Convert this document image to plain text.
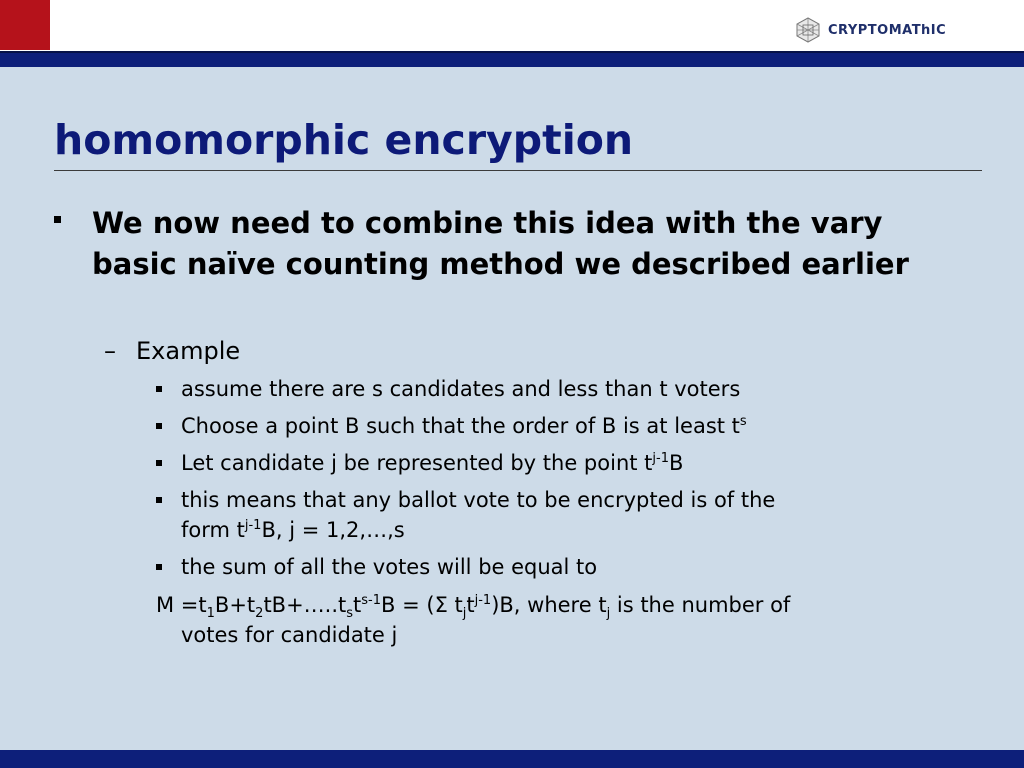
CRYPTOMAThIC
homomorphic encryption
We now need to combine this idea with the vary basic naïve counting method we described earlier
– Example
assume there are s candidates and less than t voters
Choose a point B such that the order of B is at least $t^s$
Let candidate j be represented by the point $t^{j-1}B$
this means that any ballot vote to be encrypted is of the
form $t^{j-1}B$, j = 1,2,…,s
the sum of all the votes will be equal to
$M =t_1B+t_2tB+\dots..t_st^{s-1}B = (\Sigma$ $t_jt^{j-1})B$, where $t_j$ is the number of
votes for candidate j
